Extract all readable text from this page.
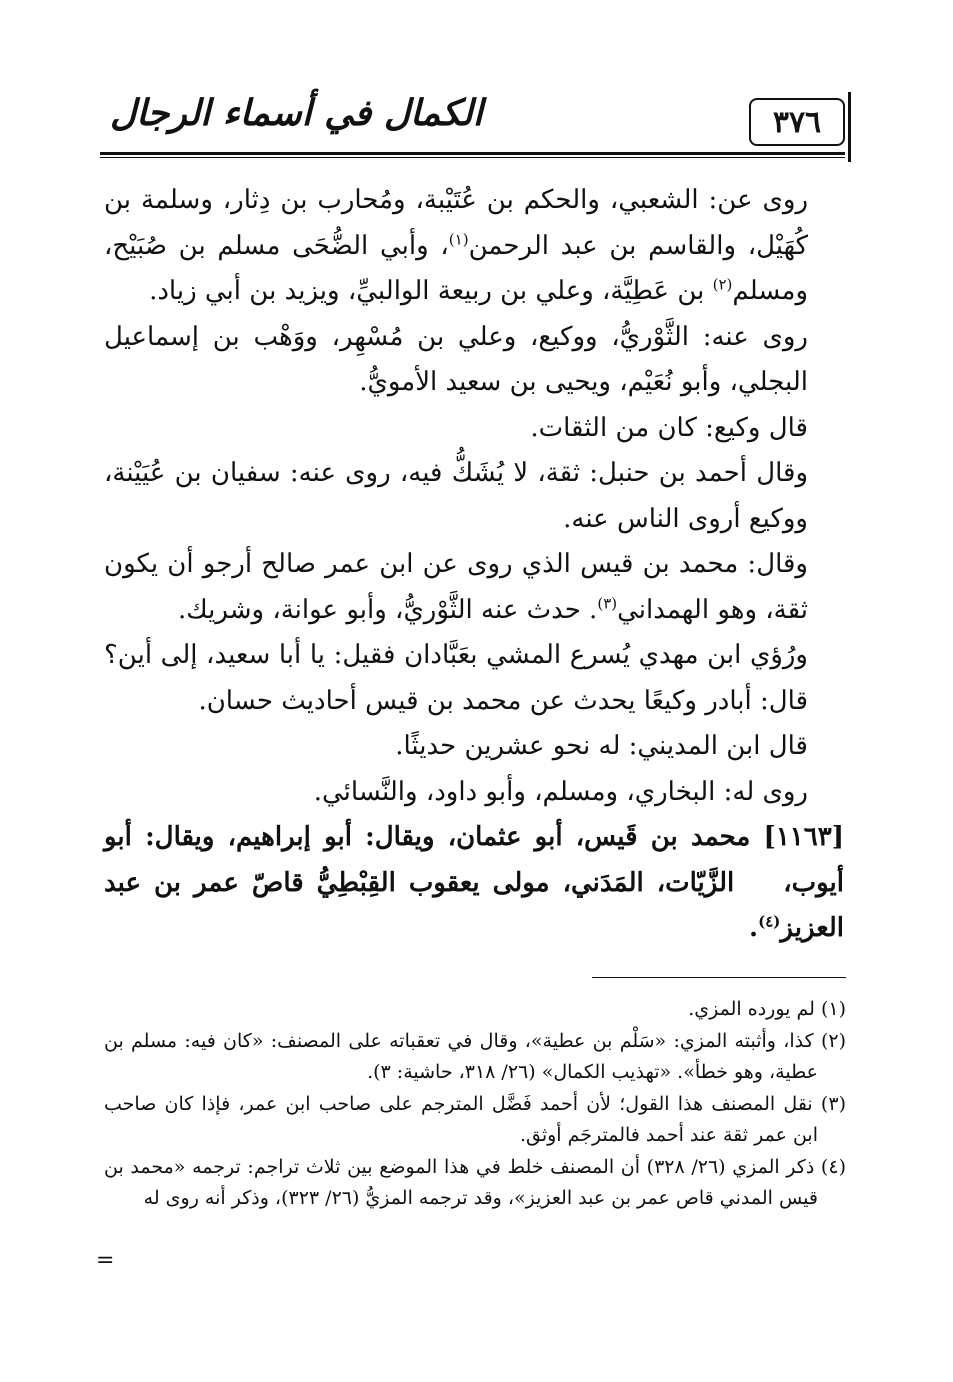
٣٧٦
الكمال في أسماء الرجال

روى عن: الشعبي، والحكم بن عُتَيْبة، ومُحارب بن دِثار، وسلمة بن كُهَيْل، والقاسم بن عبد الرحمن$^{(١)}$، وأبي الضُّحَى مسلم بن صُبَيْح، ومسلم$^{(٢)}$ بن عَطِيَّة، وعلي بن ربيعة الوالبيِّ، ويزيد بن أبي زياد.

روى عنه: الثَّوْريُّ، ووكيع، وعلي بن مُسْهِر، ووَهْب بن إسماعيل البجلي، وأبو نُعَيْم، ويحيى بن سعيد الأمويُّ.

قال وكيع: كان من الثقات.

وقال أحمد بن حنبل: ثقة، لا يُشَكُّ فيه، روى عنه: سفيان بن عُيَيْنة، ووكيع أروى الناس عنه.

وقال: محمد بن قيس الذي روى عن ابن عمر صالح أرجو أن يكون ثقة، وهو الهمداني$^{(٣)}$. حدث عنه الثَّوْريُّ، وأبو عوانة، وشريك.

ورُؤي ابن مهدي يُسرع المشي بعَبَّادان فقيل: يا أبا سعيد، إلى أين؟ قال: أبادر وكيعًا يحدث عن محمد بن قيس أحاديث حسان.

قال ابن المديني: له نحو عشرين حديثًا.

روى له: البخاري، ومسلم، وأبو داود، والنَّسائي.

[١١٦٣] محمد بن قَيس، أبو عثمان، ويقال: أبو إبراهيم، ويقال: أبو أيوب، الزَّيّات، المَدَني، مولى يعقوب القِبْطِيُّ قاصّ عمر بن عبد العزيز$^{(٤)}$.

(١) لم يورده المزي.

(٢) كذا، وأثبته المزي: «سَلْم بن عطية»، وقال في تعقباته على المصنف: «كان فيه: مسلم بن عطية، وهو خطأ». «تهذيب الكمال» (٢٦/ ٣١٨، حاشية: ٣).

(٣) نقل المصنف هذا القول؛ لأن أحمد فَضَّل المترجم على صاحب ابن عمر، فإذا كان صاحب ابن عمر ثقة عند أحمد فالمترجَم أوثق.

(٤) ذكر المزي (٢٦/ ٣٢٨) أن المصنف خلط في هذا الموضع بين ثلاث تراجم: ترجمه «محمد بن قيس المدني قاص عمر بن عبد العزيز»، وقد ترجمه المزيُّ (٢٦/ ٣٢٣)، وذكر أنه روى له

=
